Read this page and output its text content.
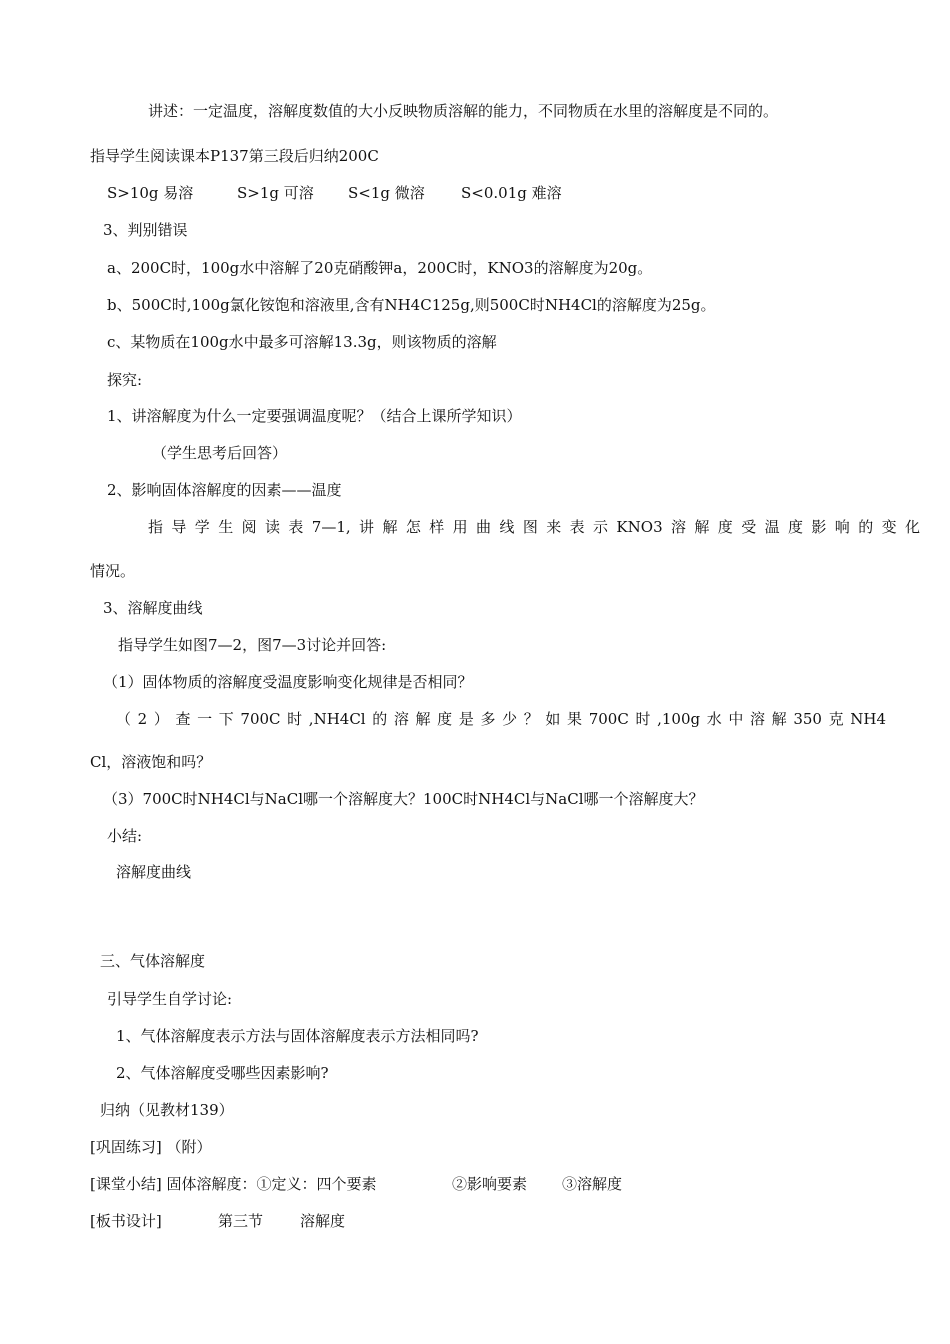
讲述：一定温度，溶解度数值的大小反映物质溶解的能力，不同物质在水里的溶解度是不同的。
指导学生阅读课本P137第三段后归纳200C
S>10g 易溶	S>1g 可溶 S<1g 微溶 S<0.01g 难溶
3、判别错误
a、200C时，100g水中溶解了20克硝酸钾a，200C时，KNO3的溶解度为20g。
b、500C时,100g氯化铵饱和溶液里,含有NH4C125g,则500C时NH4Cl的溶解度为25g。
c、某物质在100g水中最多可溶解13.3g，则该物质的溶解
探究:
1、讲溶解度为什么一定要强调温度呢？（结合上课所学知识）
（学生思考后回答）
2、影响固体溶解度的因素——温度
指导学生阅读表7—1,讲解怎样用曲线图来表示KNO3溶解度受温度影响的变化
情况。
3、溶解度曲线
指导学生如图7—2，图7—3讨论并回答:
（1）固体物质的溶解度受温度影响变化规律是否相同？
（2）查一下700C时,NH4Cl的溶解度是多少？如果700C时,100g水中溶解350克NH4
Cl，溶液饱和吗？
（3）700C时NH4Cl与NaCl哪一个溶解度大？100C时NH4Cl与NaCl哪一个溶解度大？
小结:
溶解度曲线
三、气体溶解度
引导学生自学讨论:
1、气体溶解度表示方法与固体溶解度表示方法相同吗?
2、气体溶解度受哪些因素影响?
归纳（见教材139）
[巩固练习] （附）
[课堂小结] 固体溶解度：①定义：四个要素	②影响要素 ③溶解度
[板书设计]	第三节 溶解度
